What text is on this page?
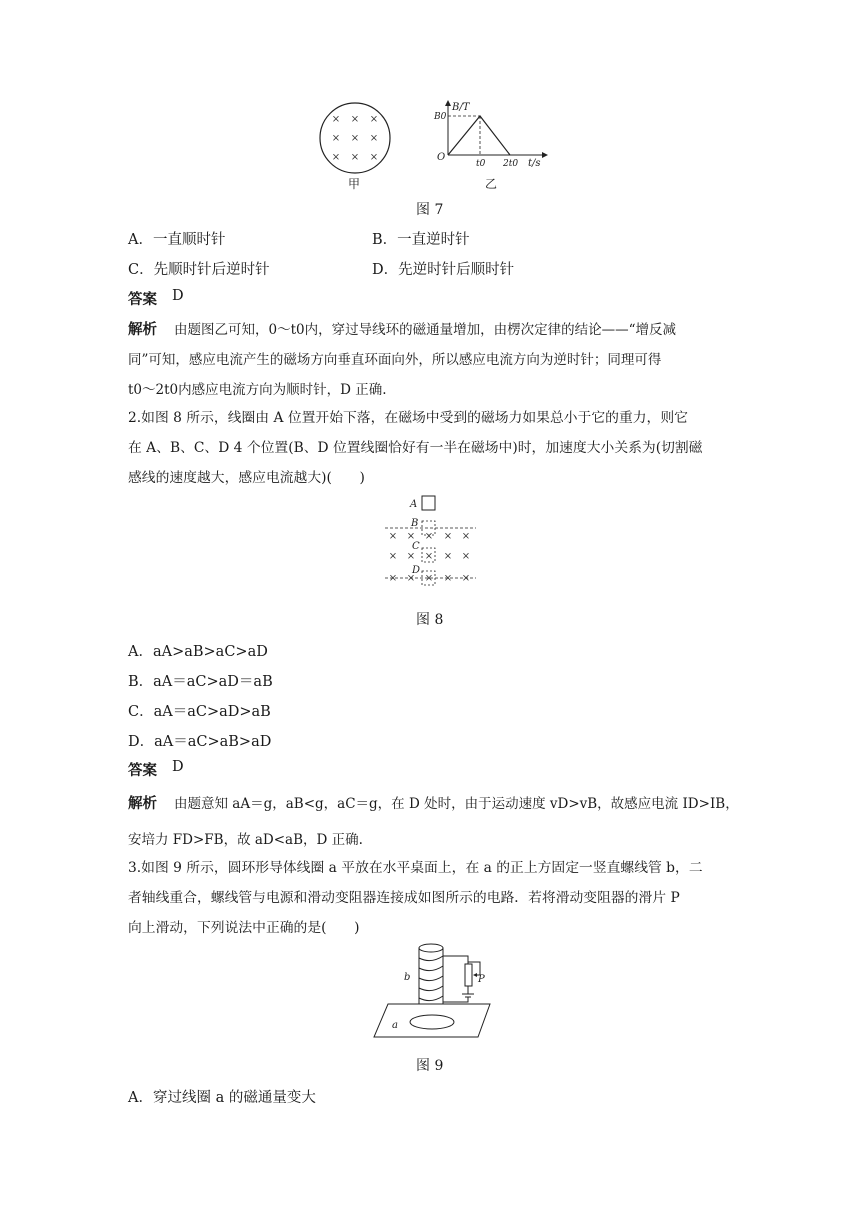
× × ×
× × ×
× × ×
甲
B/T
B0
O
t0 2t0 t/s
乙
图 7
A．一直顺时针	B．一直逆时针
C．先顺时针后逆时针	D．先逆时针后顺时针
答案 D
解析 由题图乙可知，0～t0内，穿过导线环的磁通量增加，由楞次定律的结论——“增反减
同”可知，感应电流产生的磁场方向垂直环面向外，所以感应电流方向为逆时针；同理可得
t0～2t0内感应电流方向为顺时针，D 正确.
2.如图 8 所示，线圈由 A 位置开始下落，在磁场中受到的磁场力如果总小于它的重力，则它
在 A、B、C、D 4 个位置(B、D 位置线圈恰好有一半在磁场中)时，加速度大小关系为(切割磁
感线的速度越大，感应电流越大)(　　)
A
B
C
D
× × × × ×
× × × × ×
× × × × ×
图 8
A．aA>aB>aC>aD
B．aA＝aC>aD＝aB
C．aA＝aC>aD>aB
D．aA＝aC>aB>aD
答案 D
解析 由题意知 aA＝g，aB<g，aC＝g，在 D 处时，由于运动速度 vD>vB，故感应电流 ID>IB，
安培力 FD>FB，故 aD<aB，D 正确.
3.如图 9 所示，圆环形导体线圈 a 平放在水平桌面上，在 a 的正上方固定一竖直螺线管 b，二
者轴线重合，螺线管与电源和滑动变阻器连接成如图所示的电路．若将滑动变阻器的滑片 P
向上滑动，下列说法中正确的是(　　)
a
b	P
图 9
A．穿过线圈 a 的磁通量变大
